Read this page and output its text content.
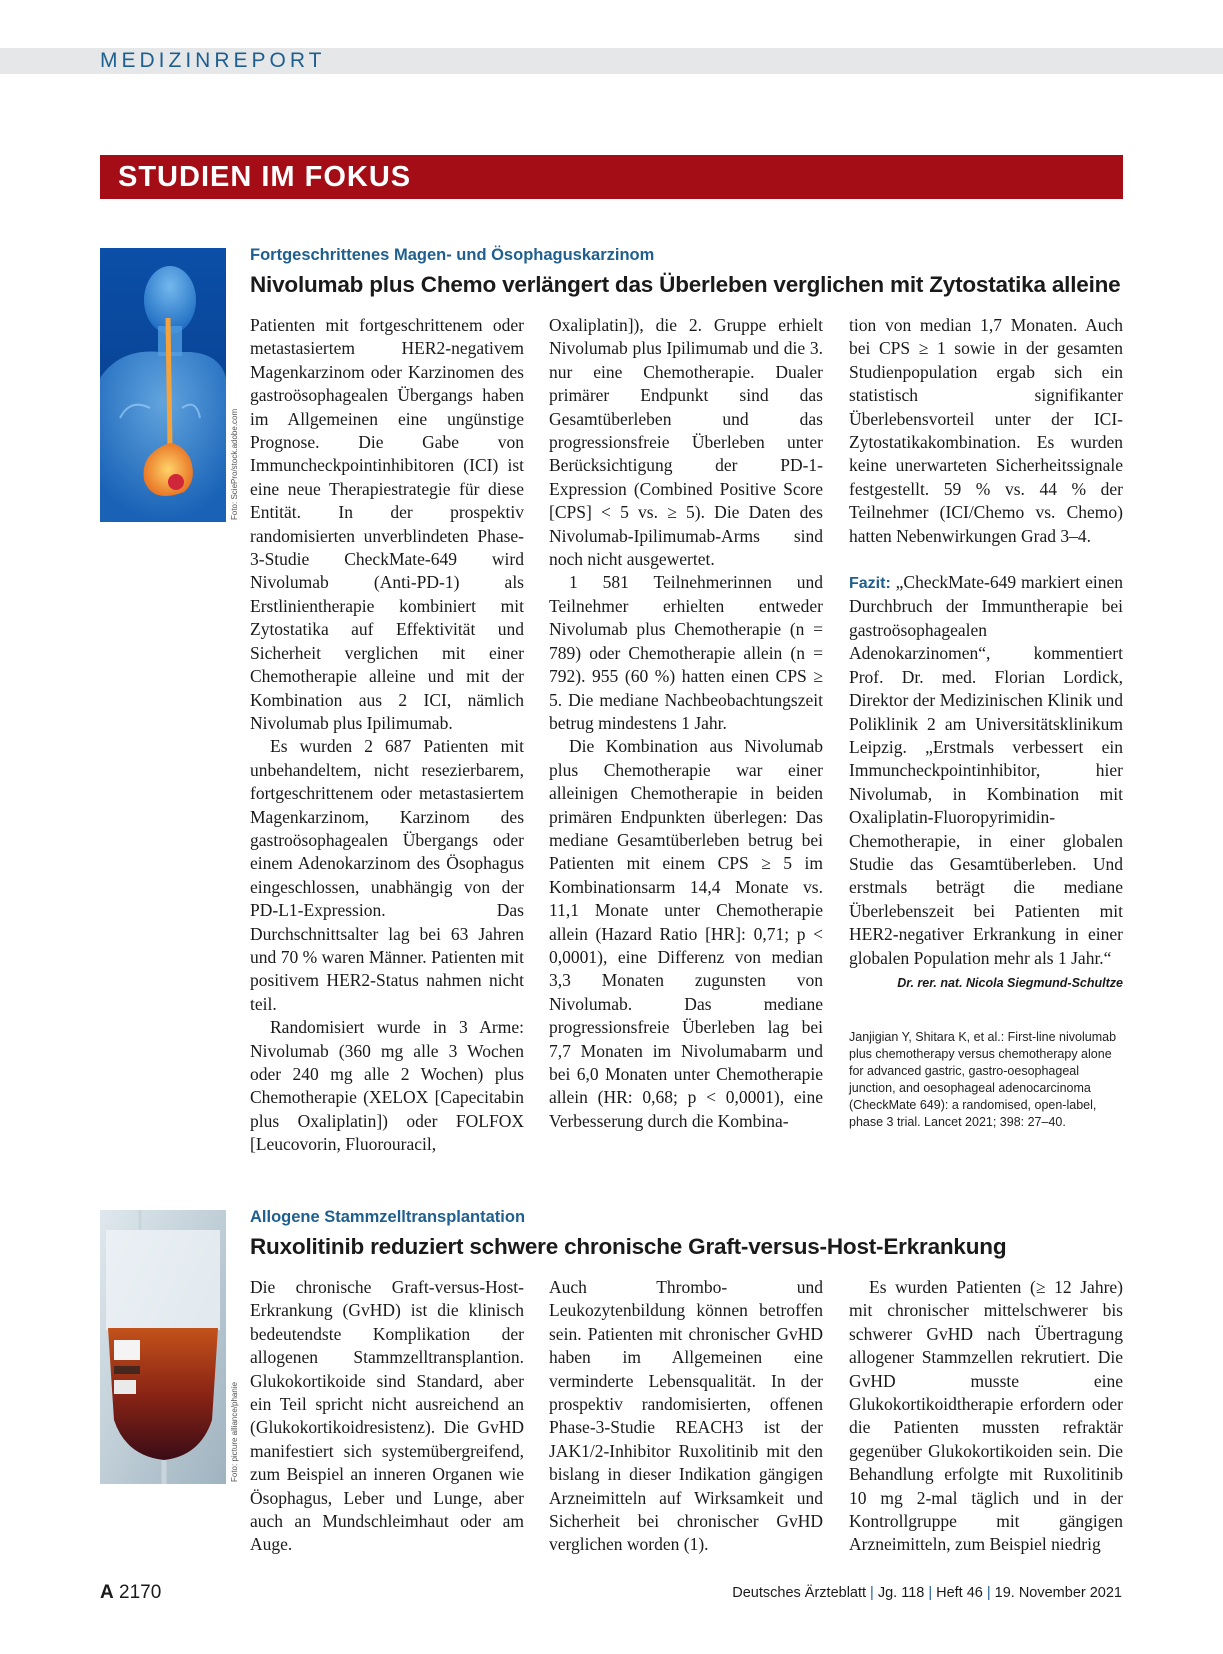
MEDIZINREPORT
STUDIEN IM FOKUS
Foto: SciePro/stock.adobe.com
Fortgeschrittenes Magen- und Ösophaguskarzinom
Nivolumab plus Chemo verlängert das Überleben verglichen mit Zytostatika alleine

Patienten mit fortgeschrittenem oder metastasiertem HER2-negativem Magenkarzinom oder Karzinomen des gastroösophagealen Übergangs haben im Allgemeinen eine ungünstige Prognose. Die Gabe von Immuncheckpointinhibitoren (ICI) ist eine neue Therapiestrategie für diese Entität. In der prospektiv randomisierten unverblindeten Phase-3-Studie CheckMate-649 wird Nivolumab (Anti-PD-1) als Erstlinientherapie kombiniert mit Zytostatika auf Effektivität und Sicherheit verglichen mit einer Chemotherapie alleine und mit der Kombination aus 2 ICI, nämlich Nivolumab plus Ipilimumab.

Es wurden 2 687 Patienten mit unbehandeltem, nicht resezierbarem, fortgeschrittenem oder metastasiertem Magenkarzinom, Karzinom des gastroösophagealen Übergangs oder einem Adenokarzinom des Ösophagus eingeschlossen, unabhängig von der PD-L1-Expression. Das Durchschnittsalter lag bei 63 Jahren und 70 % waren Männer. Patienten mit positivem HER2-Status nahmen nicht teil.

Randomisiert wurde in 3 Arme: Nivolumab (360 mg alle 3 Wochen oder 240 mg alle 2 Wochen) plus Chemotherapie (XELOX [Capecitabin plus Oxaliplatin]) oder FOLFOX [Leucovorin, Fluorouracil,

Oxaliplatin]), die 2. Gruppe erhielt Nivolumab plus Ipilimumab und die 3. nur eine Chemotherapie. Dualer primärer Endpunkt sind das Gesamtüberleben und das progressionsfreie Überleben unter Berücksichtigung der PD-1-Expression (Combined Positive Score [CPS] < 5 vs. ≥ 5). Die Daten des Nivolumab-Ipilimumab-Arms sind noch nicht ausgewertet.

1 581 Teilnehmerinnen und Teilnehmer erhielten entweder Nivolumab plus Chemotherapie (n = 789) oder Chemotherapie allein (n = 792). 955 (60 %) hatten einen CPS ≥ 5. Die mediane Nachbeobachtungszeit betrug mindestens 1 Jahr.

Die Kombination aus Nivolumab plus Chemotherapie war einer alleinigen Chemotherapie in beiden primären Endpunkten überlegen: Das mediane Gesamtüberleben betrug bei Patienten mit einem CPS ≥ 5 im Kombinationsarm 14,4 Monate vs. 11,1 Monate unter Chemotherapie allein (Hazard Ratio [HR]: 0,71; p < 0,0001), eine Differenz von median 3,3 Monaten zugunsten von Nivolumab. Das mediane progressionsfreie Überleben lag bei 7,7 Monaten im Nivolumabarm und bei 6,0 Monaten unter Chemotherapie allein (HR: 0,68; p < 0,0001), eine Verbesserung durch die Kombina-

tion von median 1,7 Monaten. Auch bei CPS ≥ 1 sowie in der gesamten Studienpopulation ergab sich ein statistisch signifikanter Überlebensvorteil unter der ICI-Zytostatikakombination. Es wurden keine unerwarteten Sicherheitssignale festgestellt. 59 % vs. 44 % der Teilnehmer (ICI/Chemo vs. Chemo) hatten Nebenwirkungen Grad 3–4.

Fazit: „CheckMate-649 markiert einen Durchbruch der Immuntherapie bei gastroösophagealen Adenokarzinomen“, kommentiert Prof. Dr. med. Florian Lordick, Direktor der Medizinischen Klinik und Poliklinik 2 am Universitätsklinikum Leipzig. „Erstmals verbessert ein Immuncheckpointinhibitor, hier Nivolumab, in Kombination mit Oxaliplatin-Fluoropyrimidin-Chemotherapie, in einer globalen Studie das Gesamtüberleben. Und erstmals beträgt die mediane Überlebenszeit bei Patienten mit HER2-negativer Erkrankung in einer globalen Population mehr als 1 Jahr.“

Dr. rer. nat. Nicola Siegmund-Schultze
Janjigian Y, Shitara K, et al.: First-line nivolumab plus chemotherapy versus chemotherapy alone for advanced gastric, gastro-oesophageal junction, and oesophageal adenocarcinoma (CheckMate 649): a randomised, open-label, phase 3 trial. Lancet 2021; 398: 27–40.
Foto: picture alliance/phanie
Allogene Stammzelltransplantation
Ruxolitinib reduziert schwere chronische Graft-versus-Host-Erkrankung

Die chronische Graft-versus-Host-Erkrankung (GvHD) ist die klinisch bedeutendste Komplikation der allogenen Stammzelltransplantion. Glukokortikoide sind Standard, aber ein Teil spricht nicht ausreichend an (Glukokortikoidresistenz). Die GvHD manifestiert sich systemübergreifend, zum Beispiel an inneren Organen wie Ösophagus, Leber und Lunge, aber auch an Mundschleimhaut oder am Auge.

Auch Thrombo- und Leukozytenbildung können betroffen sein. Patienten mit chronischer GvHD haben im Allgemeinen eine verminderte Lebensqualität. In der prospektiv randomisierten, offenen Phase-3-Studie REACH3 ist der JAK1/2-Inhibitor Ruxolitinib mit den bislang in dieser Indikation gängigen Arzneimitteln auf Wirksamkeit und Sicherheit bei chronischer GvHD verglichen worden (1).

Es wurden Patienten (≥ 12 Jahre) mit chronischer mittelschwerer bis schwerer GvHD nach Übertragung allogener Stammzellen rekrutiert. Die GvHD musste eine Glukokortikoidtherapie erfordern oder die Patienten mussten refraktär gegenüber Glukokortikoiden sein. Die Behandlung erfolgte mit Ruxolitinib 10 mg 2-mal täglich und in der Kontrollgruppe mit gängigen Arzneimitteln, zum Beispiel niedrig

A 2170	Deutsches Ärzteblatt | Jg. 118 | Heft 46 | 19. November 2021
